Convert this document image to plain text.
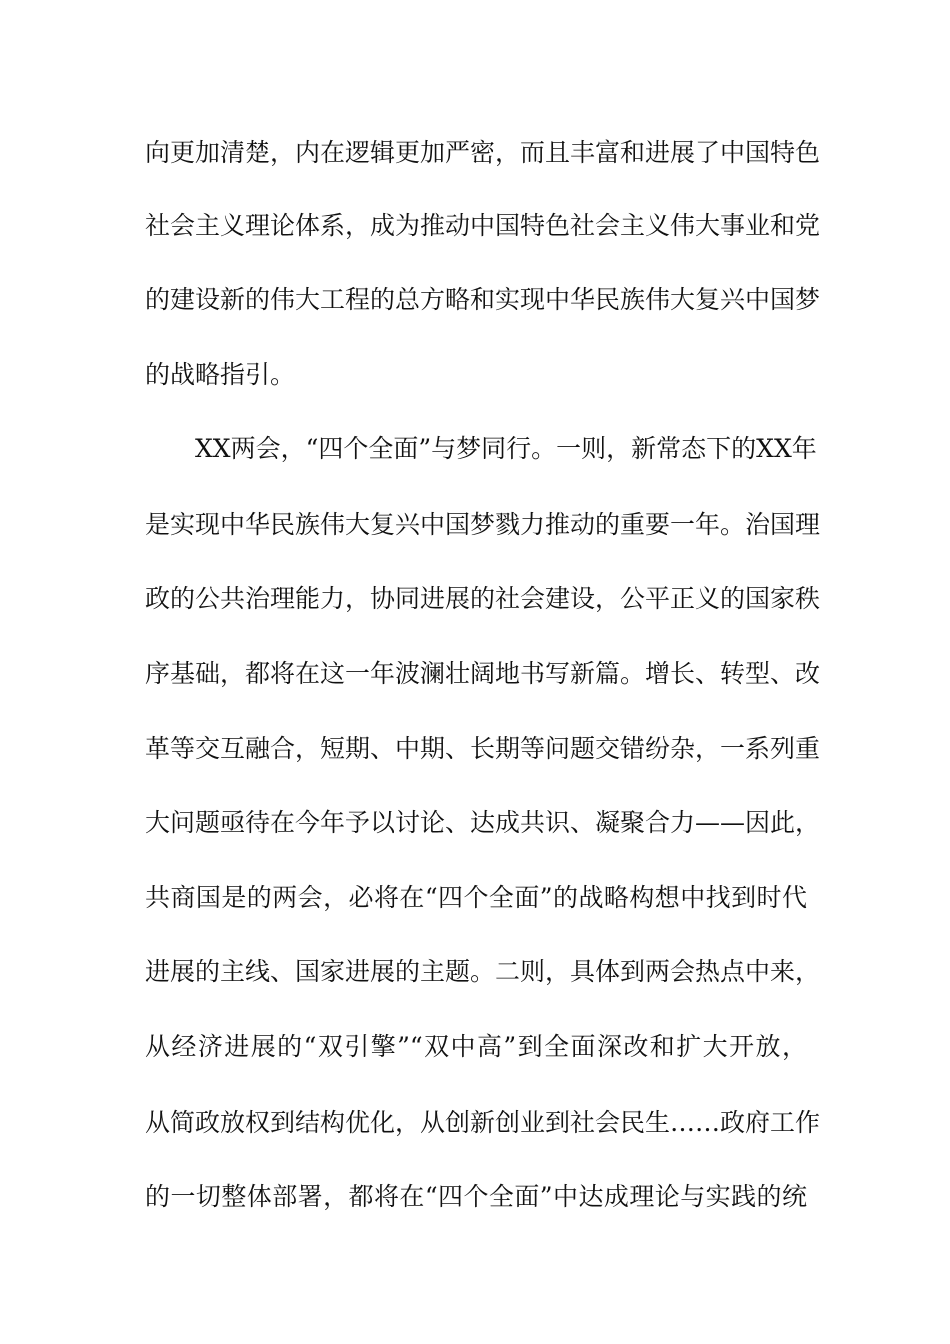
向更加清楚，内在逻辑更加严密，而且丰富和进展了中国特色
社会主义理论体系，成为推动中国特色社会主义伟大事业和党
的建设新的伟大工程的总方略和实现中华民族伟大复兴中国梦
的战略指引。
XX两会，“四个全面”与梦同行。一则，新常态下的XX年
是实现中华民族伟大复兴中国梦戮力推动的重要一年。治国理
政的公共治理能力，协同进展的社会建设，公平正义的国家秩
序基础，都将在这一年波澜壮阔地书写新篇。增长、转型、改
革等交互融合，短期、中期、长期等问题交错纷杂，一系列重
大问题亟待在今年予以讨论、达成共识、凝聚合力——因此，
共商国是的两会，必将在“四个全面”的战略构想中找到时代
进展的主线、国家进展的主题。二则，具体到两会热点中来，
从经济进展的“双引擎”“双中高”到全面深改和扩大开放，
从简政放权到结构优化，从创新创业到社会民生……政府工作
的一切整体部署，都将在“四个全面”中达成理论与实践的统
